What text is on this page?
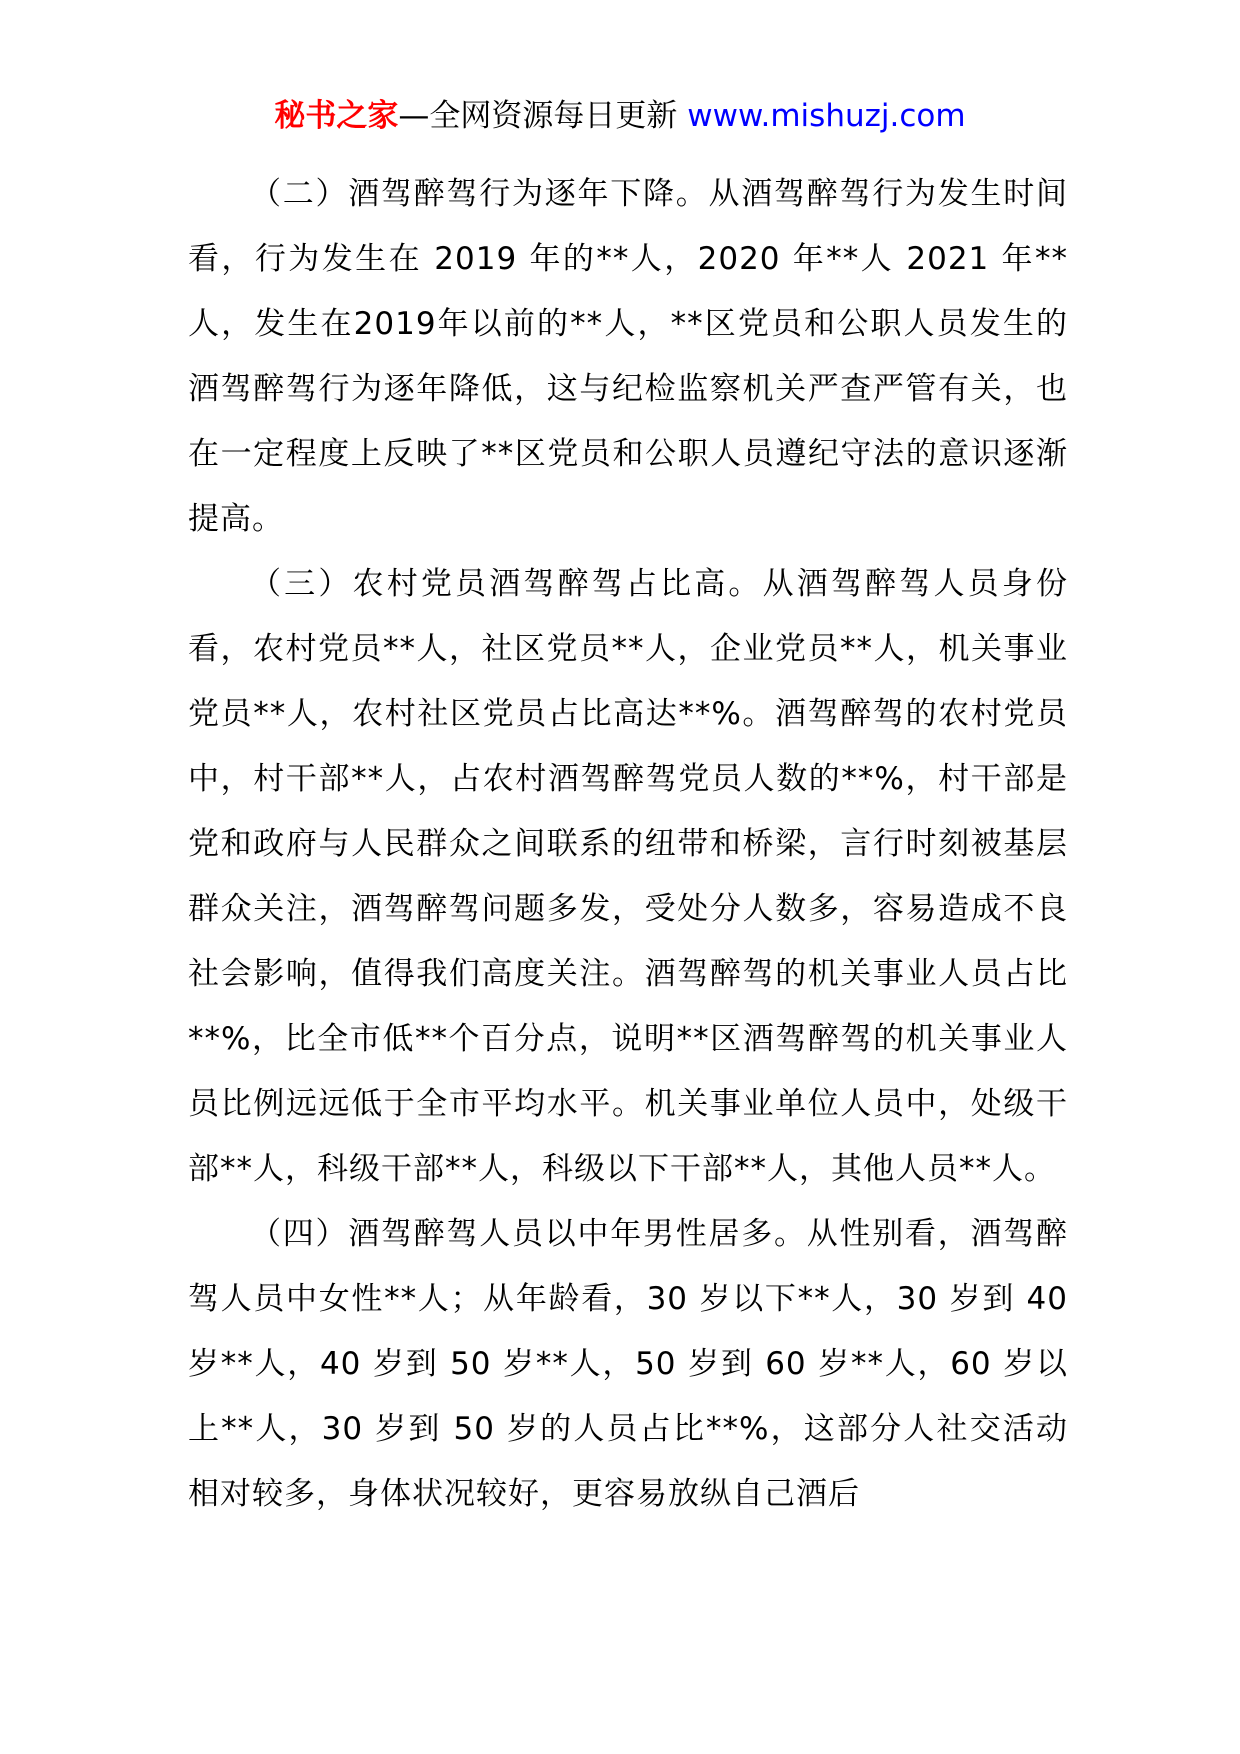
秘书之家—全网资源每日更新 www.mishuzj.com

（二）酒驾醉驾行为逐年下降。从酒驾醉驾行为发生时间看，行为发生在 2019 年的**人，2020 年**人 2021 年**人，发生在2019年以前的**人，**区党员和公职人员发生的酒驾醉驾行为逐年降低，这与纪检监察机关严查严管有关，也在一定程度上反映了**区党员和公职人员遵纪守法的意识逐渐提高。

（三）农村党员酒驾醉驾占比高。从酒驾醉驾人员身份看，农村党员**人，社区党员**人，企业党员**人，机关事业党员**人，农村社区党员占比高达**%。酒驾醉驾的农村党员中，村干部**人，占农村酒驾醉驾党员人数的**%，村干部是党和政府与人民群众之间联系的纽带和桥梁，言行时刻被基层群众关注，酒驾醉驾问题多发，受处分人数多，容易造成不良社会影响，值得我们高度关注。酒驾醉驾的机关事业人员占比**%，比全市低**个百分点，说明**区酒驾醉驾的机关事业人员比例远远低于全市平均水平。机关事业单位人员中，处级干部**人，科级干部**人，科级以下干部**人，其他人员**人。

（四）酒驾醉驾人员以中年男性居多。从性别看，酒驾醉驾人员中女性**人；从年龄看，30 岁以下**人，30 岁到 40 岁**人，40 岁到 50 岁**人，50 岁到 60 岁**人，60 岁以上**人，30 岁到 50 岁的人员占比**%，这部分人社交活动相对较多，身体状况较好，更容易放纵自己酒后
